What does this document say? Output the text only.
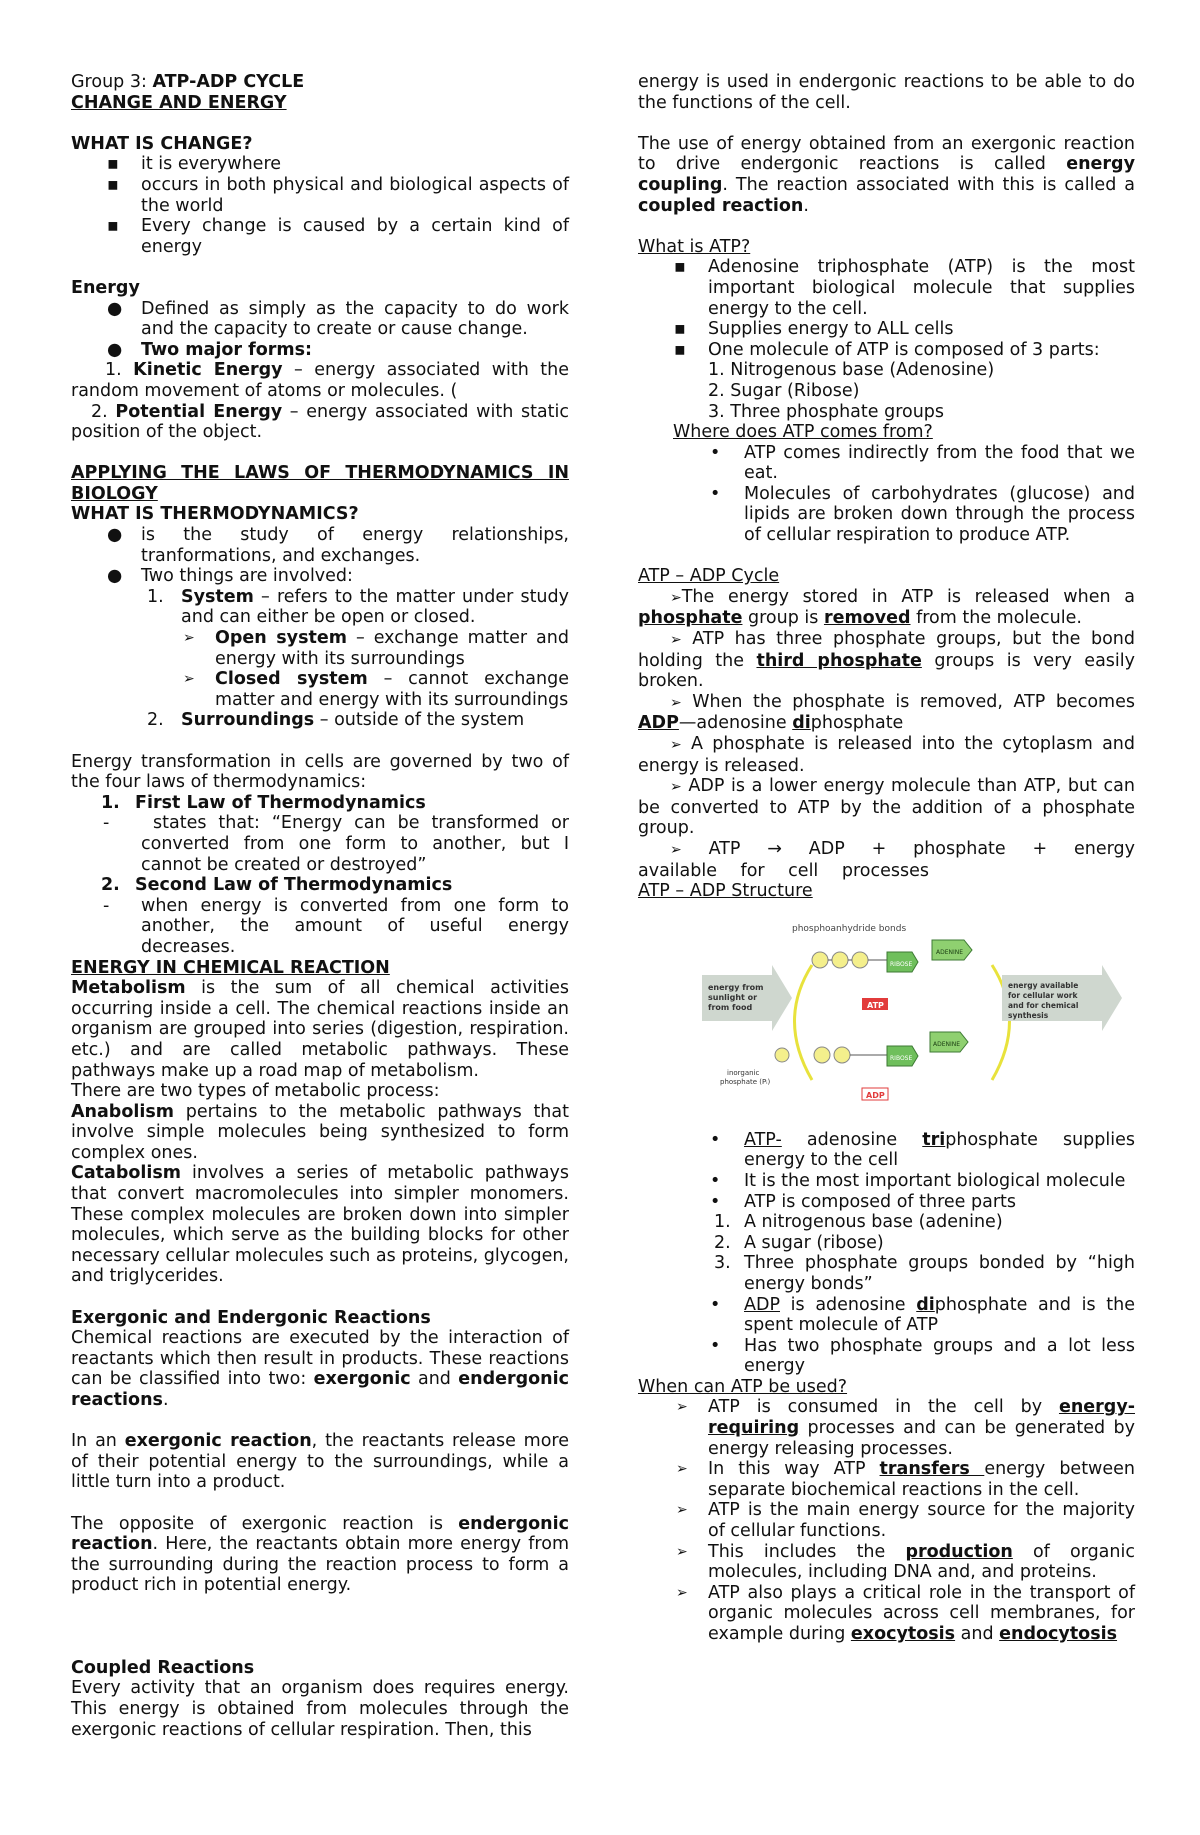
Group 3: ATP-ADP CYCLE

CHANGE AND ENERGY

WHAT IS CHANGE?

▪ it is everywhere
▪ occurs in both physical and biological aspects of the world
▪ Every change is caused by a certain kind of energy

Energy

● Defined as simply as the capacity to do work and the capacity to create or cause change.
● Two major forms:

1. Kinetic Energy – energy associated with the random movement of atoms or molecules. (

2. Potential Energy – energy associated with static position of the object.

APPLYING THE LAWS OF THERMODYNAMICS IN BIOLOGY

WHAT IS THERMODYNAMICS?

● is the study of energy relationships, tranformations, and exchanges.
● Two things are involved:
1. System – refers to the matter under study and can either be open or closed.
➢ Open system – exchange matter and energy with its surroundings
➢ Closed system – cannot exchange matter and energy with its surroundings
2. Surroundings – outside of the system

Energy transformation in cells are governed by two of the four laws of thermodynamics:

1. First Law of Thermodynamics
- states that: “Energy can be transformed or converted from one form to another, but I cannot be created or destroyed”
2. Second Law of Thermodynamics
- when energy is converted from one form to another, the amount of useful energy decreases.

ENERGY IN CHEMICAL REACTION

Metabolism is the sum of all chemical activities occurring inside a cell. The chemical reactions inside an organism are grouped into series (digestion, respiration. etc.) and are called metabolic pathways. These pathways make up a road map of metabolism.

There are two types of metabolic process:

Anabolism pertains to the metabolic pathways that involve simple molecules being synthesized to form complex ones.

Catabolism involves a series of metabolic pathways that convert macromolecules into simpler monomers. These complex molecules are broken down into simpler molecules, which serve as the building blocks for other necessary cellular molecules such as proteins, glycogen, and triglycerides.

Exergonic and Endergonic Reactions

Chemical reactions are executed by the interaction of reactants which then result in products. These reactions can be classified into two: exergonic and endergonic reactions.

In an exergonic reaction, the reactants release more of their potential energy to the surroundings, while a little turn into a product.

The opposite of exergonic reaction is endergonic reaction. Here, the reactants obtain more energy from the surrounding during the reaction process to form a product rich in potential energy.

Coupled Reactions

Every activity that an organism does requires energy. This energy is obtained from molecules through the exergonic reactions of cellular respiration. Then, this

energy is used in endergonic reactions to be able to do the functions of the cell.

The use of energy obtained from an exergonic reaction to drive endergonic reactions is called energy coupling. The reaction associated with this is called a coupled reaction.

What is ATP?

▪ Adenosine triphosphate (ATP) is the most important biological molecule that supplies energy to the cell.
▪ Supplies energy to ALL cells
▪ One molecule of ATP is composed of 3 parts:

1. Nitrogenous base (Adenosine)

2. Sugar (Ribose)

3. Three phosphate groups

Where does ATP comes from?

• ATP comes indirectly from the food that we eat.
• Molecules of carbohydrates (glucose) and lipids are broken down through the process of cellular respiration to produce ATP.

ATP – ADP Cycle

➢The energy stored in ATP is released when a phosphate group is removed from the molecule.

➢ ATP has three phosphate groups, but the bond holding the third phosphate groups is very easily broken.

➢ When the phosphate is removed, ATP becomes ADP—adenosine diphosphate

➢ A phosphate is released into the cytoplasm and energy is released.

➢ ADP is a lower energy molecule than ATP, but can be converted to ATP by the addition of a phosphate group.

➢ ATP → ADP + phosphate + energy available for cell processes

ATP – ADP Structure

phosphoanhydride bonds
RIBOSE
ADENINE
ATP
RIBOSE
ADENINE
ADP
inorganic
phosphate (Pᵢ)
energy from
sunlight or
from food
energy available
for cellular work
and for chemical
synthesis
• ATP- adenosine triphosphate supplies energy to the cell
• It is the most important biological molecule
• ATP is composed of three parts
1. A nitrogenous base (adenine)
2. A sugar (ribose)
3. Three phosphate groups bonded by “high energy bonds”
• ADP is adenosine diphosphate and is the spent molecule of ATP
• Has two phosphate groups and a lot less energy

When can ATP be used?

➢ ATP is consumed in the cell by energy-requiring processes and can be generated by energy releasing processes.
➢ In this way ATP transfers energy between separate biochemical reactions in the cell.
➢ ATP is the main energy source for the majority of cellular functions.
➢ This includes the production of organic molecules, including DNA and, and proteins.
➢ ATP also plays a critical role in the transport of organic molecules across cell membranes, for example during exocytosis and endocytosis
